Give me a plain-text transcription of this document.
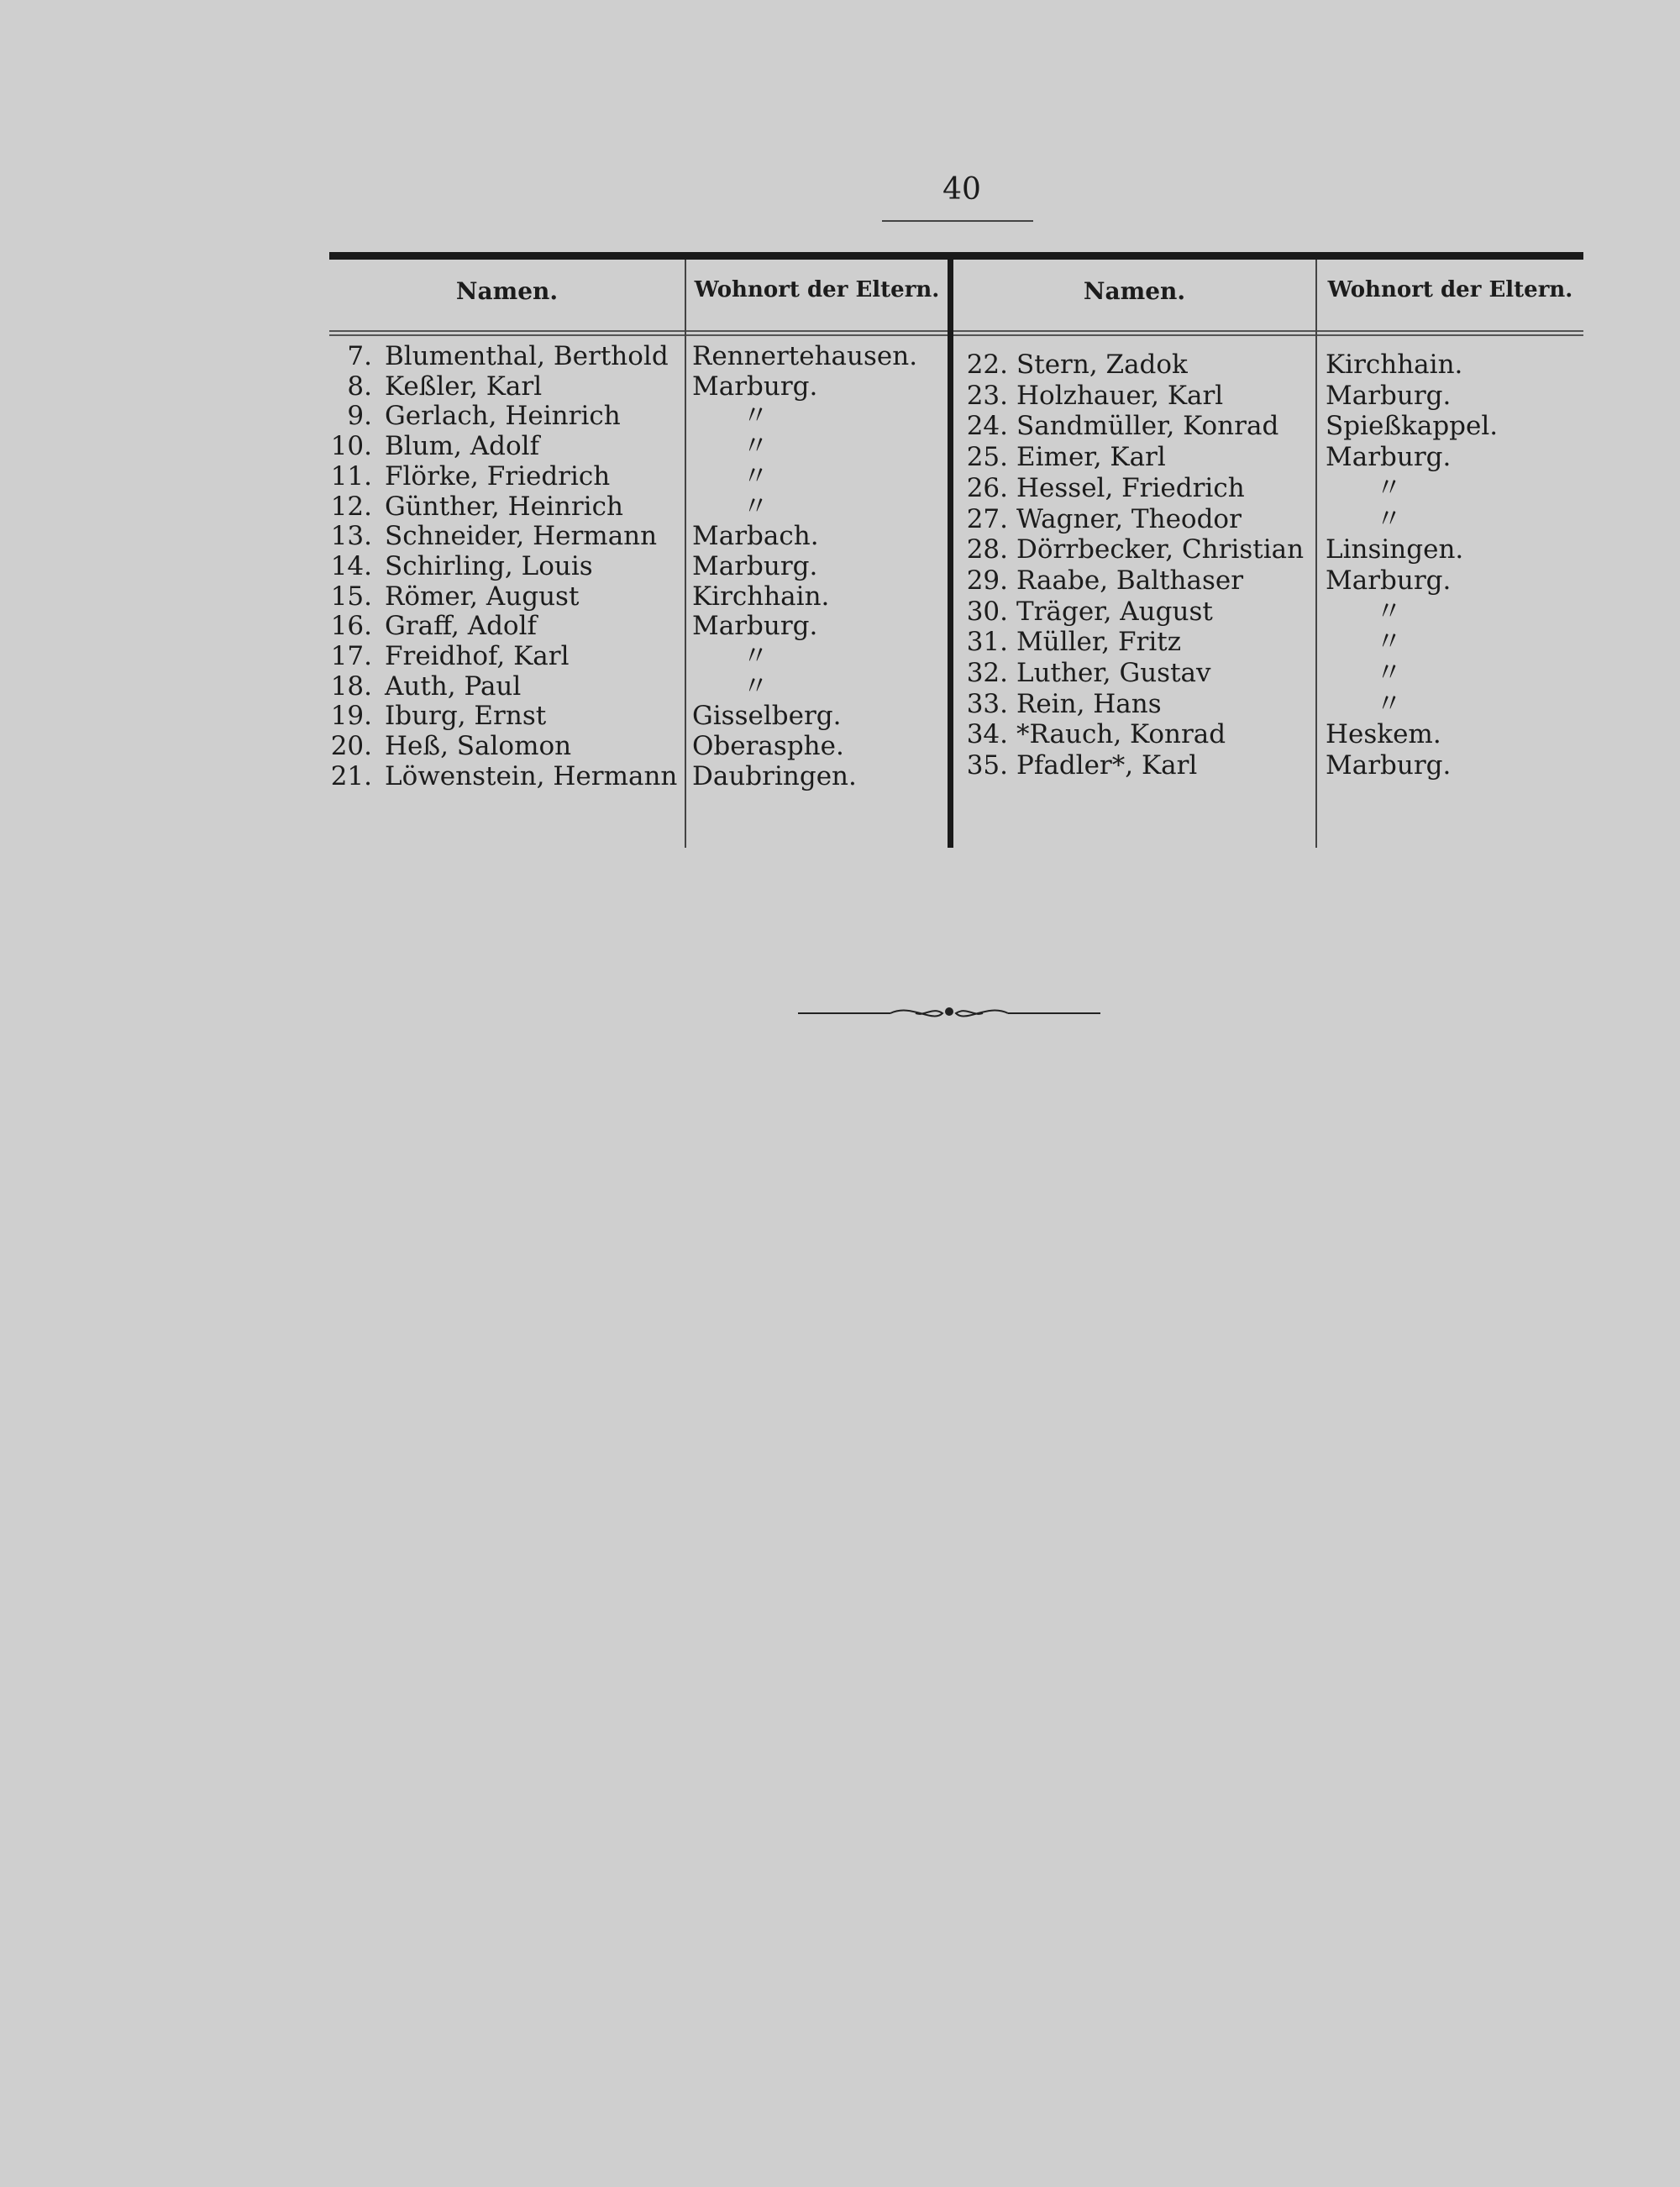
40
Namen.	Wohnort der Eltern.	Namen.	Wohnort der Eltern.
7. Blumenthal, Berthold Rennertehausen.
8. Keßler, Karl	Marburg.
9. Gerlach, Heinrich	〃
10. Blum, Adolf	〃
11. Flörke, Friedrich	〃
12. Günther, Heinrich	〃
13. Schneider, Hermann Marbach.
14. Schirling, Louis	Marburg.
15. Römer, August	Kirchhain.
16. Graff, Adolf	Marburg.
17. Freidhof, Karl	〃
18. Auth, Paul	〃
19. Iburg, Ernst	Gisselberg.
20. Heß, Salomon	Oberasphe.
21. Löwenstein, Hermann Daubringen.
22. Stern, Zadok	Kirchhain.
23. Holzhauer, Karl	Marburg.
24. Sandmüller, Konrad Spießkappel.
25. Eimer, Karl	Marburg.
26. Hessel, Friedrich	〃
27. Wagner, Theodor	〃
28. Dörrbecker, Christian Linsingen.
29. Raabe, Balthaser	Marburg.
30. Träger, August	〃
31. Müller, Fritz	〃
32. Luther, Gustav	〃
33. Rein, Hans	〃
34. *Rauch, Konrad	Heskem.
35. Pfadler*, Karl	Marburg.
